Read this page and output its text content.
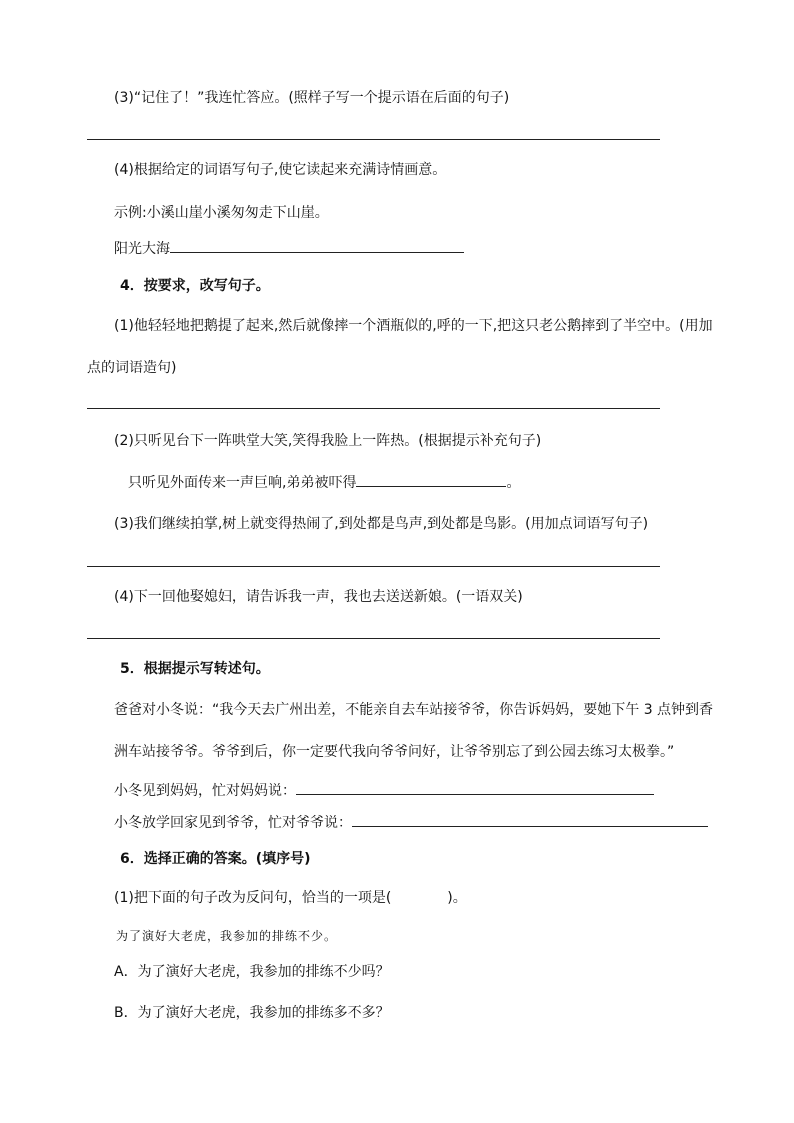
(3)“记住了！”我连忙答应。(照样子写一个提示语在后面的句子)
(4)根据给定的词语写句子,使它读起来充满诗情画意。
示例:小溪山崖小溪匆匆走下山崖。
阳光大海
4．按要求，改写句子。
(1)他轻轻地把鹅提了起来,然后就像摔一个酒瓶似的,呼的一下,把这只老公鹅摔到了半空中。(用加
点的词语造句)
(2)只听见台下一阵哄堂大笑,笑得我脸上一阵热。(根据提示补充句子)
只听见外面传来一声巨响,弟弟被吓得	。
(3)我们继续拍掌,树上就变得热闹了,到处都是鸟声,到处都是鸟影。(用加点词语写句子)
(4)下一回他娶媳妇，请告诉我一声，我也去送送新娘。(一语双关)
5．根据提示写转述句。
爸爸对小冬说：“我今天去广州出差，不能亲自去车站接爷爷，你告诉妈妈，要她下午 3 点钟到香
洲车站接爷爷。爷爷到后，你一定要代我向爷爷问好，让爷爷别忘了到公园去练习太极拳。”
小冬见到妈妈，忙对妈妈说：
小冬放学回家见到爷爷，忙对爷爷说：
6．选择正确的答案。(填序号)
(1)把下面的句子改为反问句，恰当的一项是(	)。
为了演好大老虎，我参加的排练不少。
A．为了演好大老虎，我参加的排练不少吗？
B．为了演好大老虎，我参加的排练多不多？
